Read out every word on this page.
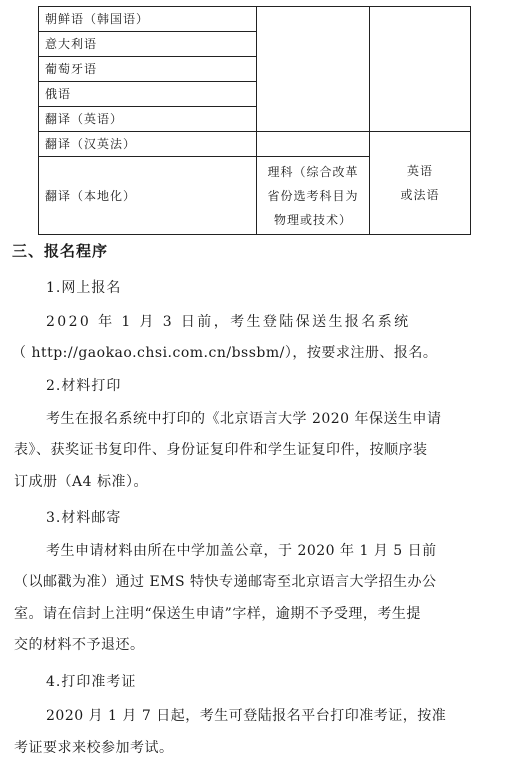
朝鲜语（韩国语）		
意大利语		
葡萄牙语		
俄语		
翻译（英语）		
翻译（汉英法）		英语
或法语

翻译（本地化）	理科（综合改革
省份选考科目为
物理或技术）	
三、报名程序
1.网上报名
2020 年 1 月 3 日前，考生登陆保送生报名系统
（ http://gaokao.chsi.com.cn/bssbm/），按要求注册、报名。
2.材料打印
考生在报名系统中打印的《北京语言大学 2020 年保送生申请
表》、获奖证书复印件、身份证复印件和学生证复印件，按顺序装
订成册（A4 标准）。
3.材料邮寄
考生申请材料由所在中学加盖公章，于 2020 年 1 月 5 日前
（以邮戳为准）通过 EMS 特快专递邮寄至北京语言大学招生办公
室。请在信封上注明“保送生申请”字样，逾期不予受理，考生提
交的材料不予退还。
4.打印准考证
2020 月 1 月 7 日起，考生可登陆报名平台打印准考证，按准
考证要求来校参加考试。
